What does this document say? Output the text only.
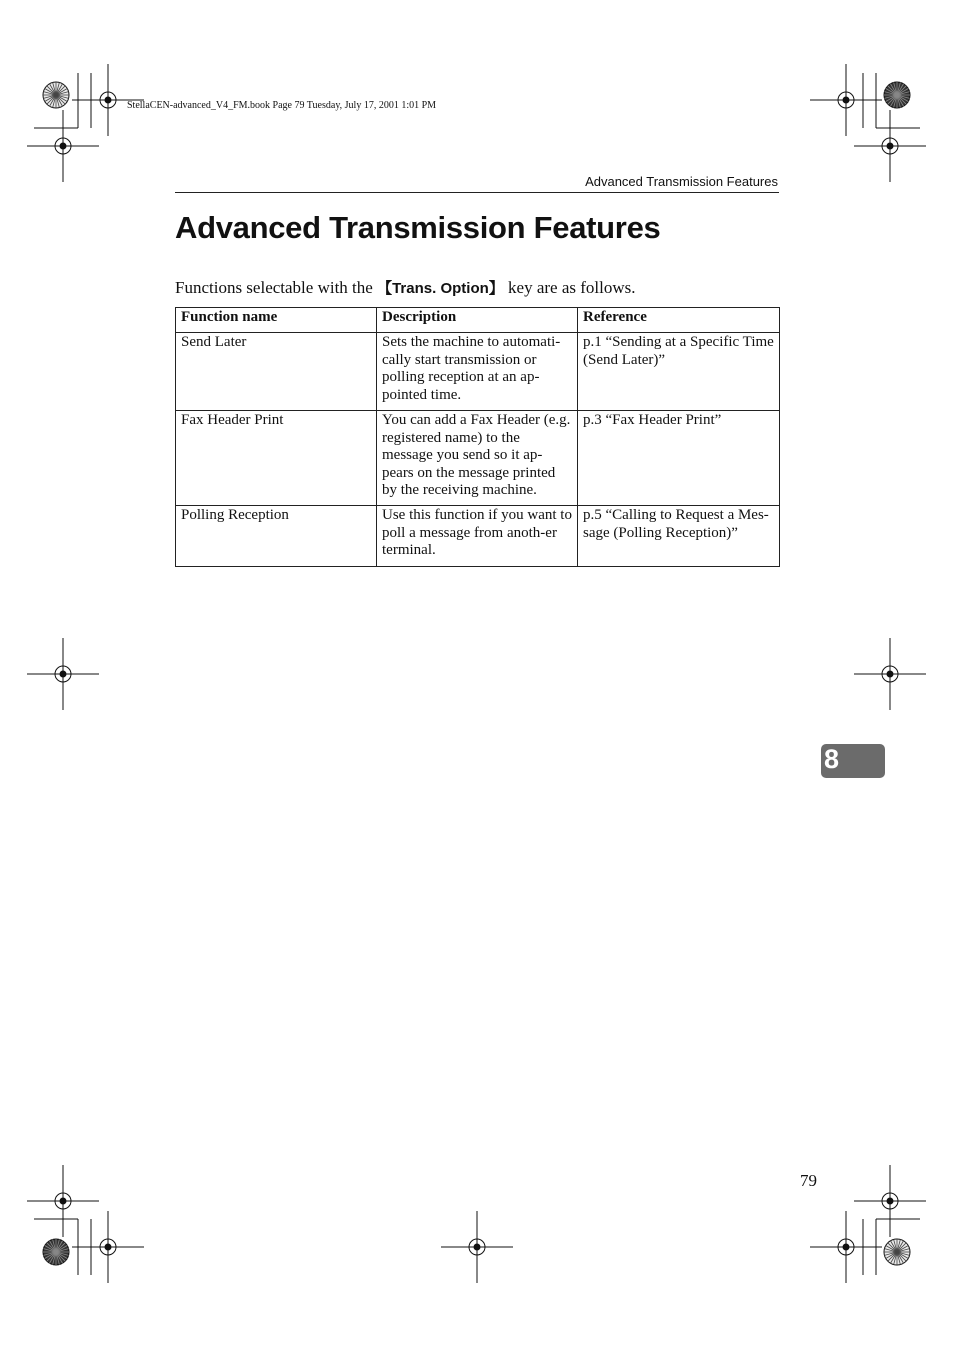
StellaCEN-advanced_V4_FM.book Page 79 Tuesday, July 17, 2001 1:01 PM
Advanced Transmission Features
Advanced Transmission Features
Functions selectable with the 【Trans. Option】 key are as follows.
Function name	Description	Reference
Send Later	Sets the machine to automati-cally start transmission or polling reception at an ap-pointed time.	p.1 “Sending at a Specific Time (Send Later)”
Fax Header Print	You can add a Fax Header (e.g. registered name) to the message you send so it ap-pears on the message printed by the receiving machine.	p.3 “Fax Header Print”
Polling Reception	Use this function if you want to poll a message from anoth-er terminal.	p.5 “Calling to Request a Mes-sage (Polling Reception)”
8
79
